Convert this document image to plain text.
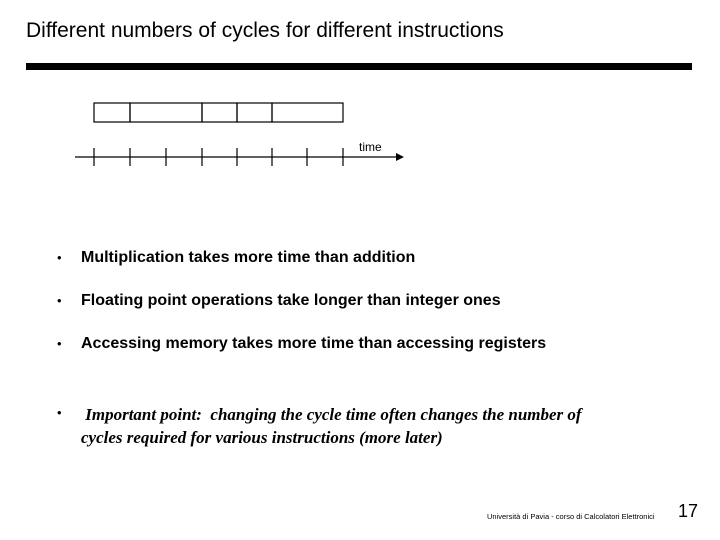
Different numbers of cycles for different instructions
time
• Multiplication takes more time than addition
• Floating point operations take longer than integer ones
• Accessing memory takes more time than accessing registers
• Important point:  changing the cycle time often changes the number of cycles required for various instructions (more later)
Università di Pavia - corso di Calcolatori Elettronici 17
